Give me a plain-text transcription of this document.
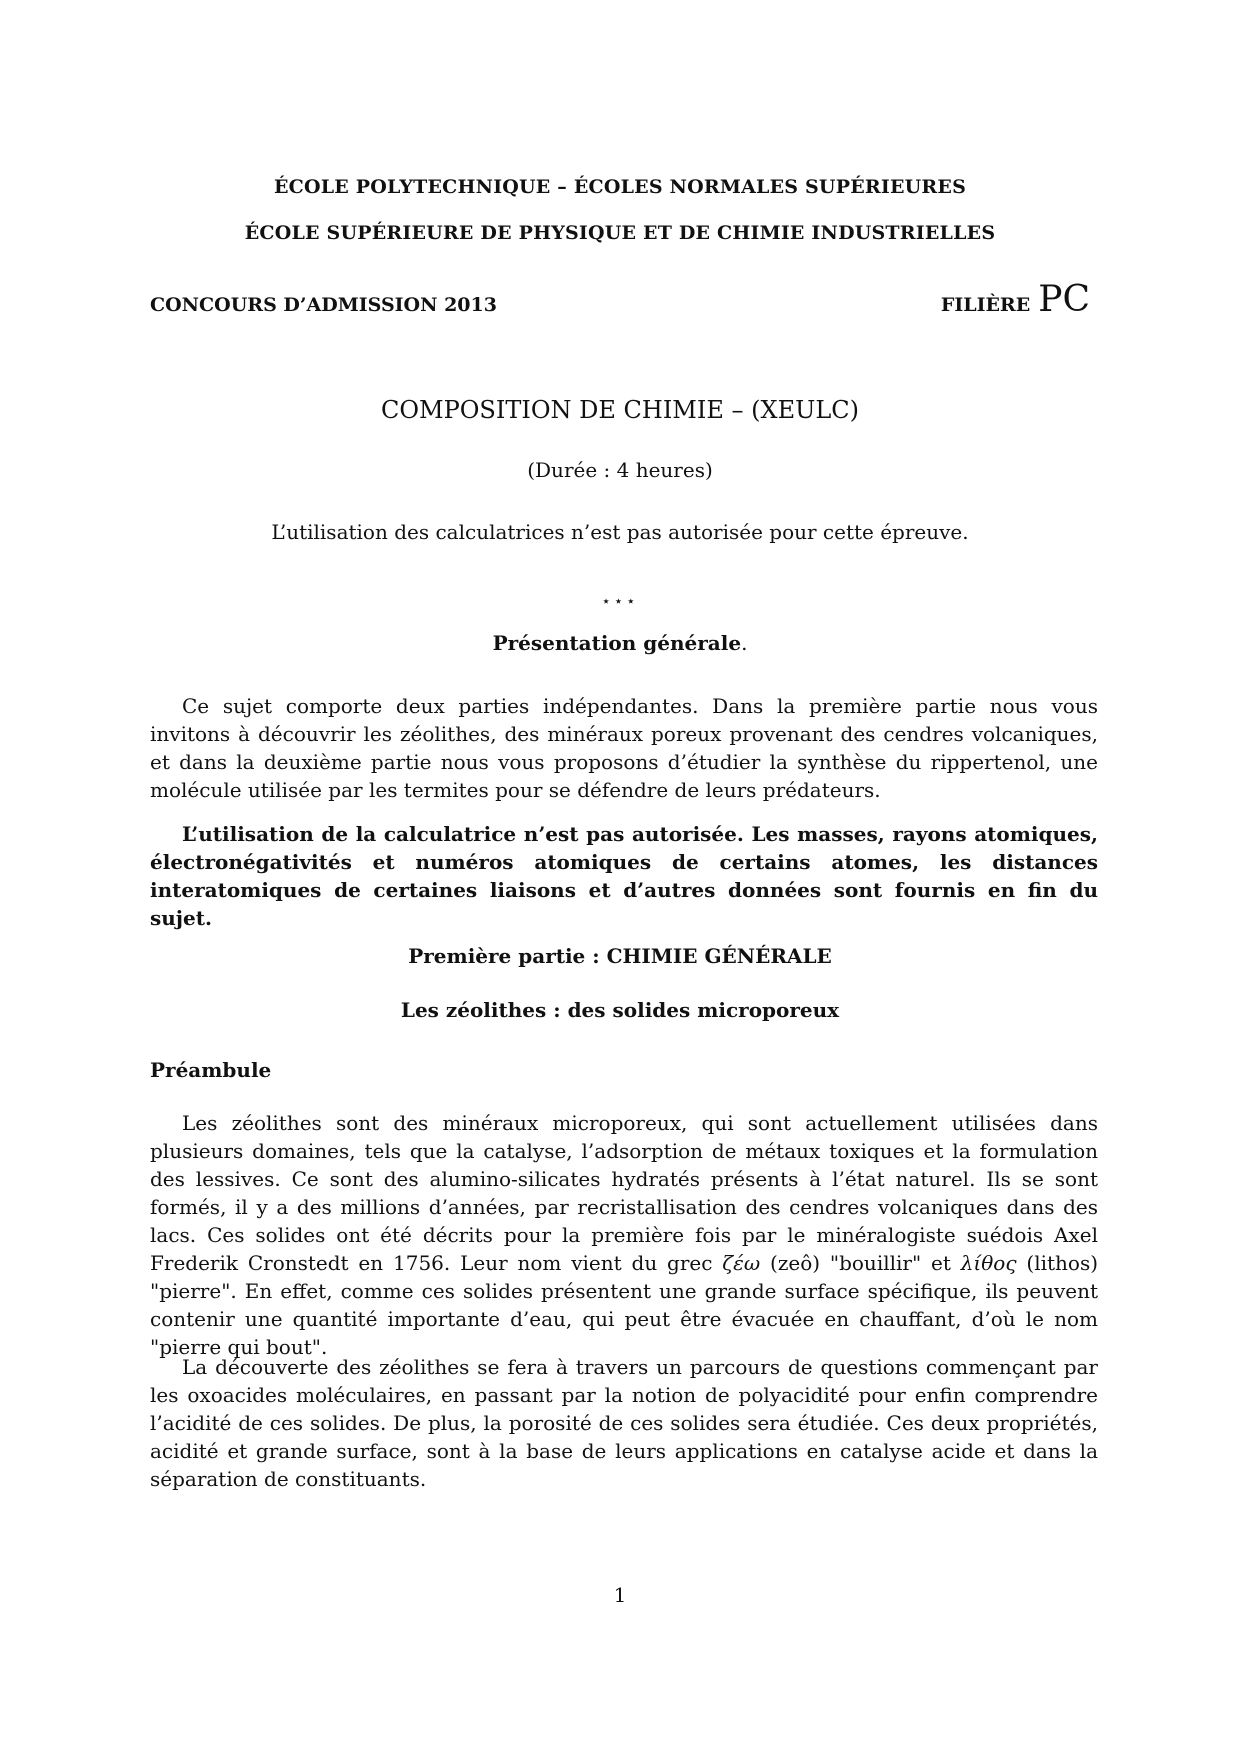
ÉCOLE POLYTECHNIQUE – ÉCOLES NORMALES SUPÉRIEURES
ÉCOLE SUPÉRIEURE DE PHYSIQUE ET DE CHIMIE INDUSTRIELLES
CONCOURS D’ADMISSION 2013	FILIÈRE PC
COMPOSITION DE CHIMIE – (XEULC)
(Durée : 4 heures)
L’utilisation des calculatrices n’est pas autorisée pour cette épreuve.
⋆⋆⋆
Présentation générale.

Ce sujet comporte deux parties indépendantes. Dans la première partie nous vous invitons à découvrir les zéolithes, des minéraux poreux provenant des cendres volcaniques, et dans la deuxième partie nous vous proposons d’étudier la synthèse du rippertenol, une molécule utilisée par les termites pour se défendre de leurs prédateurs.

L’utilisation de la calculatrice n’est pas autorisée. Les masses, rayons atomiques, électronégativités et numéros atomiques de certains atomes, les distances interatomiques de certaines liaisons et d’autres données sont fournis en fin du sujet.

Première partie : CHIMIE GÉNÉRALE
Les zéolithes : des solides microporeux
Préambule

Les zéolithes sont des minéraux microporeux, qui sont actuellement utilisées dans plusieurs domaines, tels que la catalyse, l’adsorption de métaux toxiques et la formulation des lessives. Ce sont des alumino-silicates hydratés présents à l’état naturel. Ils se sont formés, il y a des millions d’années, par recristallisation des cendres volcaniques dans des lacs. Ces solides ont été décrits pour la première fois par le minéralogiste suédois Axel Frederik Cronstedt en 1756. Leur nom vient du grec ζέω (zeô) "bouillir" et λίθος (lithos) "pierre". En effet, comme ces solides présentent une grande surface spécifique, ils peuvent contenir une quantité importante d’eau, qui peut être évacuée en chauffant, d’où le nom "pierre qui bout".

La découverte des zéolithes se fera à travers un parcours de questions commençant par les oxoacides moléculaires, en passant par la notion de polyacidité pour enfin comprendre l’acidité de ces solides. De plus, la porosité de ces solides sera étudiée. Ces deux propriétés, acidité et grande surface, sont à la base de leurs applications en catalyse acide et dans la séparation de constituants.

1
